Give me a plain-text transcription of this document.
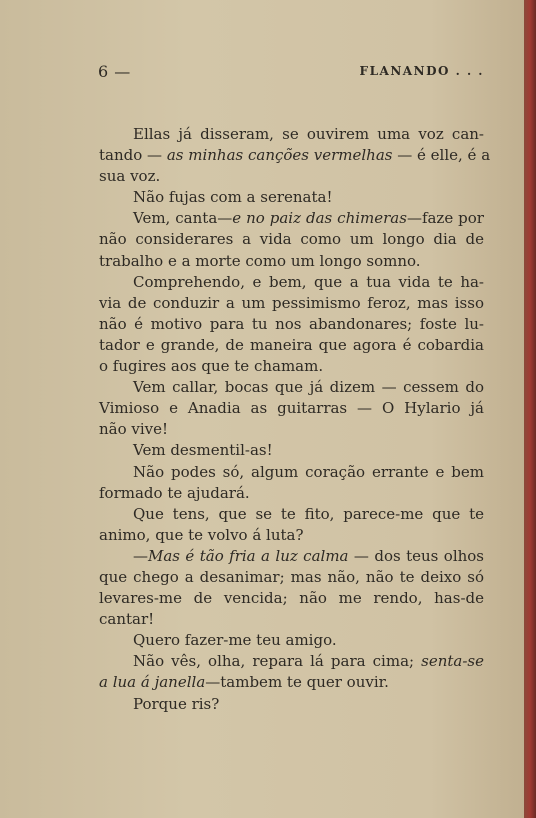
6 —	FLANANDO . . .
Ellas já disseram, se ouvirem uma voz can-
tando — as minhas canções vermelhas — é elle, é a
sua voz.
Não fujas com a serenata!
Vem, canta—e no paiz das chimeras—faze por
não considerares a vida como um longo dia de
trabalho e a morte como um longo somno.
Comprehendo, e bem, que a tua vida te ha-
via de conduzir a um pessimismo feroz, mas isso
não é motivo para tu nos abandonares; foste lu-
tador e grande, de maneira que agora é cobardia
o fugires aos que te chamam.
Vem callar, bocas que já dizem — cessem do
Vimioso e Anadia as guitarras — O Hylario já
não vive!
Vem desmentil-as!
Não podes só, algum coração errante e bem
formado te ajudará.
Que tens, que se te fito, parece-me que te
animo, que te volvo á luta?
—Mas é tão fria a luz calma — dos teus olhos
que chego a desanimar; mas não, não te deixo só
levares-me de vencida; não me rendo, has-de
cantar!
Quero fazer-me teu amigo.
Não vês, olha, repara lá para cima; senta-se
a lua á janella—tambem te quer ouvir.
Porque ris?
